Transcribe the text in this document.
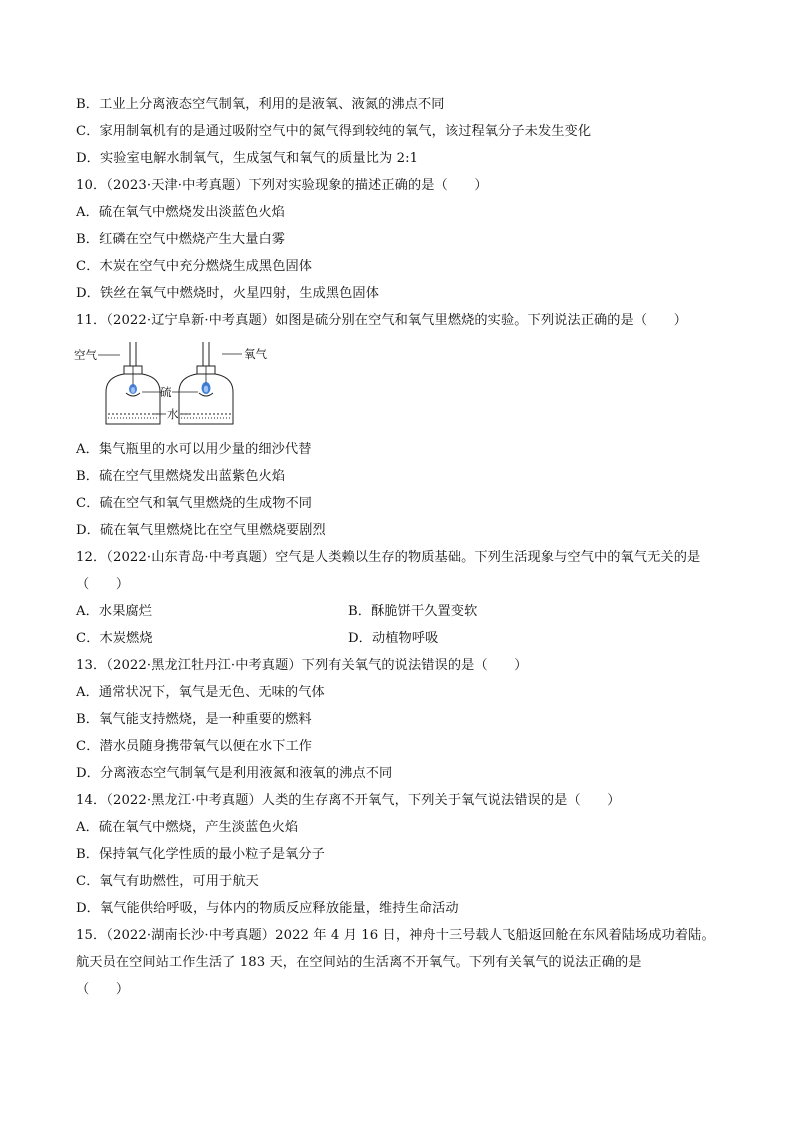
B．工业上分离液态空气制氧，利用的是液氧、液氮的沸点不同
C．家用制氧机有的是通过吸附空气中的氮气得到较纯的氧气，该过程氧分子未发生变化
D．实验室电解水制氧气，生成氢气和氧气的质量比为 2:1
10．（2023·天津·中考真题）下列对实验现象的描述正确的是（　　）
A．硫在氧气中燃烧发出淡蓝色火焰
B．红磷在空气中燃烧产生大量白雾
C．木炭在空气中充分燃烧生成黑色固体
D．铁丝在氧气中燃烧时，火星四射，生成黑色固体
11．（2022·辽宁阜新·中考真题）如图是硫分别在空气和氧气里燃烧的实验。下列说法正确的是（　　）
空气	氧气
硫
水
A．集气瓶里的水可以用少量的细沙代替
B．硫在空气里燃烧发出蓝紫色火焰
C．硫在空气和氧气里燃烧的生成物不同
D．硫在氧气里燃烧比在空气里燃烧要剧烈
12．（2022·山东青岛·中考真题）空气是人类赖以生存的物质基础。下列生活现象与空气中的氧气无关的是
（　　）
A．水果腐烂	B．酥脆饼干久置变软
C．木炭燃烧	D．动植物呼吸
13．（2022·黑龙江牡丹江·中考真题）下列有关氧气的说法错误的是（　　）
A．通常状况下，氧气是无色、无味的气体
B．氧气能支持燃烧，是一种重要的燃料
C．潜水员随身携带氧气以便在水下工作
D．分离液态空气制氧气是利用液氮和液氧的沸点不同
14．（2022·黑龙江·中考真题）人类的生存离不开氧气，下列关于氧气说法错误的是（　　）
A．硫在氧气中燃烧，产生淡蓝色火焰
B．保持氧气化学性质的最小粒子是氧分子
C．氧气有助燃性，可用于航天
D．氧气能供给呼吸，与体内的物质反应释放能量，维持生命活动
15．（2022·湖南长沙·中考真题）2022 年 4 月 16 日，神舟十三号载人飞船返回舱在东风着陆场成功着陆。
航天员在空间站工作生活了 183 天，在空间站的生活离不开氧气。下列有关氧气的说法正确的是
（　　）
